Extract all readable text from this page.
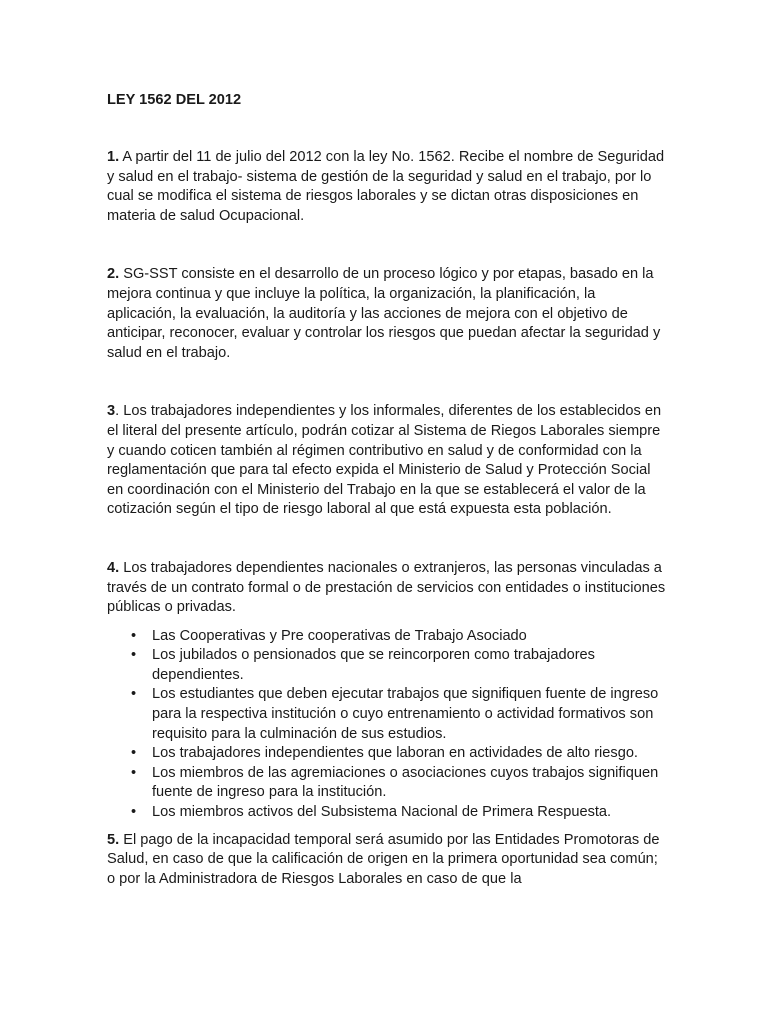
LEY 1562 DEL 2012

1. A partir del 11 de julio del 2012 con la ley No. 1562. Recibe el nombre de Seguridad y salud en el trabajo- sistema de gestión de la seguridad y salud en el trabajo, por lo cual se modifica el sistema de riesgos laborales y se dictan otras disposiciones en materia de salud Ocupacional.

2. SG-SST consiste en el desarrollo de un proceso lógico y por etapas, basado en la mejora continua y que incluye la política, la organización, la planificación, la aplicación, la evaluación, la auditoría y las acciones de mejora con el objetivo de anticipar, reconocer, evaluar y controlar los riesgos que puedan afectar la seguridad y salud en el trabajo.

3. Los trabajadores independientes y los informales, diferentes de los establecidos en el literal del presente artículo, podrán cotizar al Sistema de Riegos Laborales siempre y cuando coticen también al régimen contributivo en salud y de conformidad con la reglamentación que para tal efecto expida el Ministerio de Salud y Protección Social en coordinación con el Ministerio del Trabajo en la que se establecerá el valor de la cotización según el tipo de riesgo laboral al que está expuesta esta población.

4. Los trabajadores dependientes nacionales o extranjeros, las personas vinculadas a través de un contrato formal o de prestación de servicios con entidades o instituciones públicas o privadas.

• Las Cooperativas y Pre cooperativas de Trabajo Asociado
• Los jubilados o pensionados que se reincorporen como trabajadores dependientes.
• Los estudiantes que deben ejecutar trabajos que signifiquen fuente de ingreso para la respectiva institución o cuyo entrenamiento o actividad formativos son requisito para la culminación de sus estudios.
• Los trabajadores independientes que laboran en actividades de alto riesgo.
• Los miembros de las agremiaciones o asociaciones cuyos trabajos signifiquen fuente de ingreso para la institución.
• Los miembros activos del Subsistema Nacional de Primera Respuesta.

5. El pago de la incapacidad temporal será asumido por las Entidades Promotoras de Salud, en caso de que la calificación de origen en la primera oportunidad sea común; o por la Administradora de Riesgos Laborales en caso de que la
